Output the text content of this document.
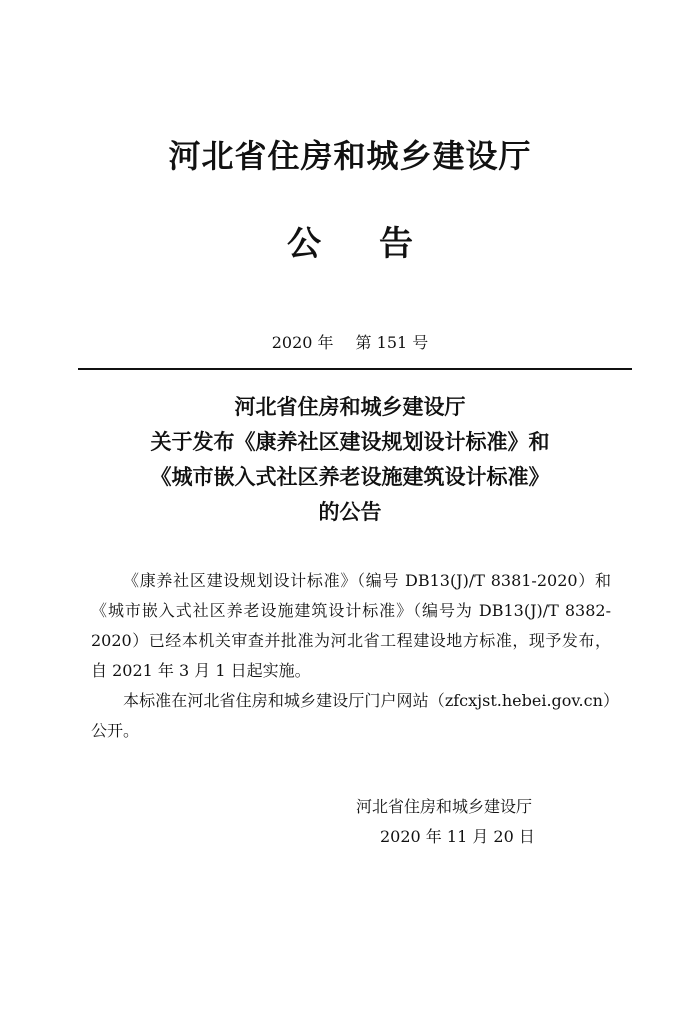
河北省住房和城乡建设厅
公 告
2020 年 第 151 号
河北省住房和城乡建设厅
关于发布《康养社区建设规划设计标准》和
《城市嵌入式社区养老设施建筑设计标准》
的公告

《康养社区建设规划设计标准》（编号 DB13(J)/T 8381-2020）和《城市嵌入式社区养老设施建筑设计标准》（编号为 DB13(J)/T 8382-2020）已经本机关审查并批准为河北省工程建设地方标准，现予发布，自 2021 年 3 月 1 日起实施。

本标准在河北省住房和城乡建设厅门户网站（zfcxjst.hebei.gov.cn）公开。

河北省住房和城乡建设厅
2020 年 11 月 20 日
